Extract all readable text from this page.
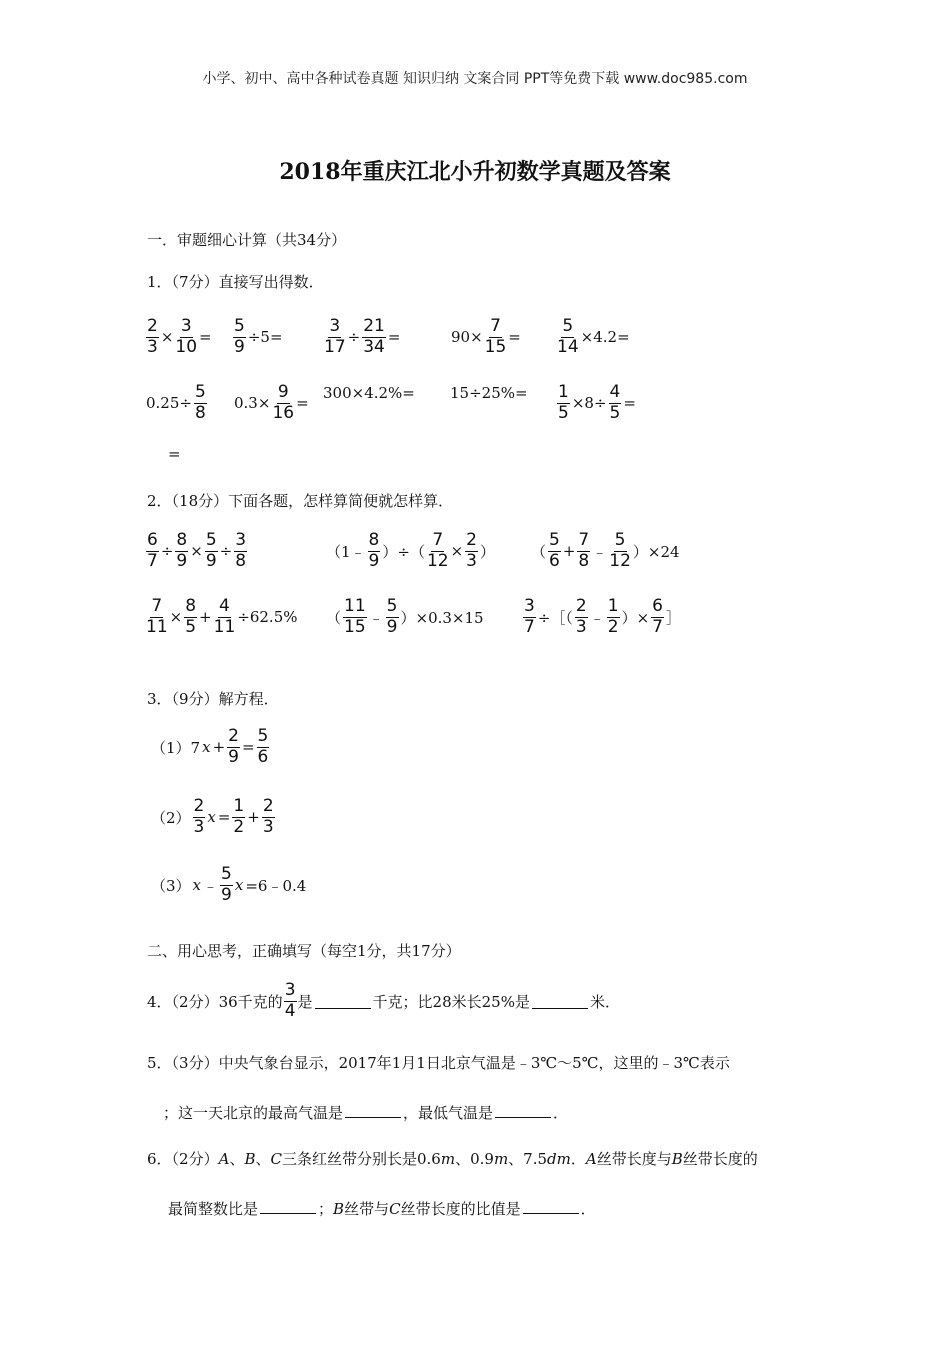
小学、初中、高中各种试卷真题 知识归纳 文案合同 PPT等免费下载 www.doc985.com
2018年重庆江北小升初数学真题及答案
一．审题细心计算（共34分）
1．（7分）直接写出得数．
$\frac{2}{3} \times \frac{3}{10} = \frac{5}{9} \div 5= \frac{3}{17} \div \frac{21}{34}$ =	$90\times \frac{7}{15} = \frac{5}{14} \times 4.2=$
$0.25\div \frac{5}{8} 0.3\times \frac{9}{16}$ =
$300\times 4.2\%= 15\div 25\%= \frac{1}{5} \times 8\div \frac{4}{5}$ =
=
2．（18分）下面各题，怎样算简便就怎样算．
$\frac{6}{7} \div \frac{8}{9} \times \frac{5}{9} \div \frac{3}{8}$	（1﹣ $\frac{8}{9}$ ）÷（ $\frac{7}{12} \times \frac{2}{3}$ ） （ $\frac{5}{6} + \frac{7}{8}$ ﹣ $\frac{5}{12} )\times 24$
$\frac{7}{11} \times \frac{8}{5} + \frac{4}{11} \div 62.5\%$ （ $\frac{11}{15}$ ﹣ $\frac{5}{9} )\times 0.3\times 15 \frac{3}{7}$ ÷［（ $\frac{2}{3}$ ﹣ $\frac{1}{2}$ ）× $\frac{6}{7}$ ］
3．（9分）解方程．
（1）7 $x + \frac{2}{9} = \frac{5}{6}$
$(2) \frac{2}{3}$ $x = \frac{1}{2} + \frac{2}{3}$
（3） x ﹣ $\frac{5}{9}$ x =6﹣0.4
二、用心思考，正确填写（每空1分，共17分）
4．（2分）36千克的 $\frac{3}{4}$ 是	千克；比28米长25%是	米．
5．（3分）中央气象台显示，2017年1月1日北京气温是﹣3℃～5℃，这里的﹣3℃表示
；这一天北京的最高气温是	，最低气温是	．
6．（2分）A、B、C三条红丝带分别长是0.6m、0.9m、7.5dm．A丝带长度与B丝带长度的
最简整数比是	；B丝带与C丝带长度的比值是	．
